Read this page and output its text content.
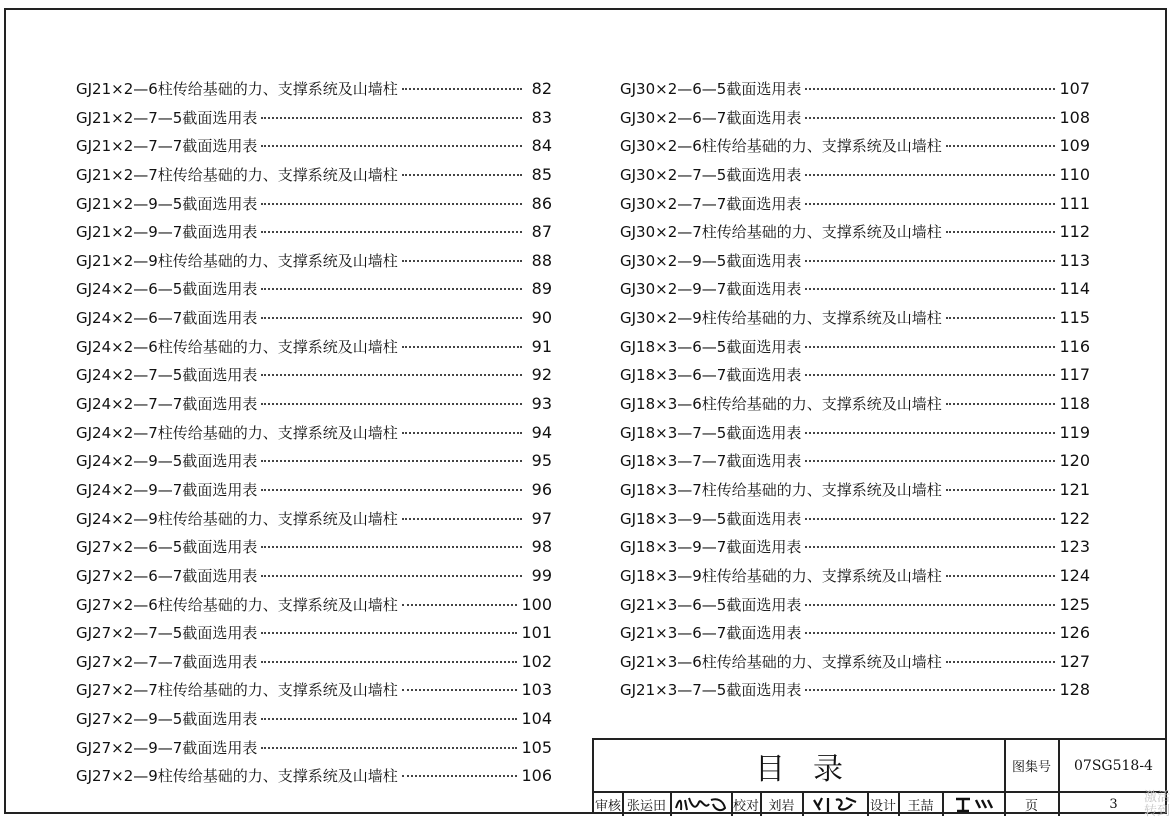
GJ21×2—6柱传给基础的力、支撑系统及山墙柱	82
GJ21×2—7—5截面选用表	83
GJ21×2—7—7截面选用表	84
GJ21×2—7柱传给基础的力、支撑系统及山墙柱	85
GJ21×2—9—5截面选用表	86
GJ21×2—9—7截面选用表	87
GJ21×2—9柱传给基础的力、支撑系统及山墙柱	88
GJ24×2—6—5截面选用表	89
GJ24×2—6—7截面选用表	90
GJ24×2—6柱传给基础的力、支撑系统及山墙柱	91
GJ24×2—7—5截面选用表	92
GJ24×2—7—7截面选用表	93
GJ24×2—7柱传给基础的力、支撑系统及山墙柱	94
GJ24×2—9—5截面选用表	95
GJ24×2—9—7截面选用表	96
GJ24×2—9柱传给基础的力、支撑系统及山墙柱	97
GJ27×2—6—5截面选用表	98
GJ27×2—6—7截面选用表	99
GJ27×2—6柱传给基础的力、支撑系统及山墙柱	100
GJ27×2—7—5截面选用表	101
GJ27×2—7—7截面选用表	102
GJ27×2—7柱传给基础的力、支撑系统及山墙柱	103
GJ27×2—9—5截面选用表	104
GJ27×2—9—7截面选用表	105
GJ27×2—9柱传给基础的力、支撑系统及山墙柱	106
GJ30×2—6—5截面选用表	107
GJ30×2—6—7截面选用表	108
GJ30×2—6柱传给基础的力、支撑系统及山墙柱	109
GJ30×2—7—5截面选用表	110
GJ30×2—7—7截面选用表	111
GJ30×2—7柱传给基础的力、支撑系统及山墙柱	112
GJ30×2—9—5截面选用表	113
GJ30×2—9—7截面选用表	114
GJ30×2—9柱传给基础的力、支撑系统及山墙柱	115
GJ18×3—6—5截面选用表	116
GJ18×3—6—7截面选用表	117
GJ18×3—6柱传给基础的力、支撑系统及山墙柱	118
GJ18×3—7—5截面选用表	119
GJ18×3—7—7截面选用表	120
GJ18×3—7柱传给基础的力、支撑系统及山墙柱	121
GJ18×3—9—5截面选用表	122
GJ18×3—9—7截面选用表	123
GJ18×3—9柱传给基础的力、支撑系统及山墙柱	124
GJ21×3—6—5截面选用表	125
GJ21×3—6—7截面选用表	126
GJ21×3—6柱传给基础的力、支撑系统及山墙柱	127
GJ21×3—7—5截面选用表	128
目录	图集号	07SG518-4
页	3
审核 张运田	校对 刘岩	设计 王喆
激活
转到
